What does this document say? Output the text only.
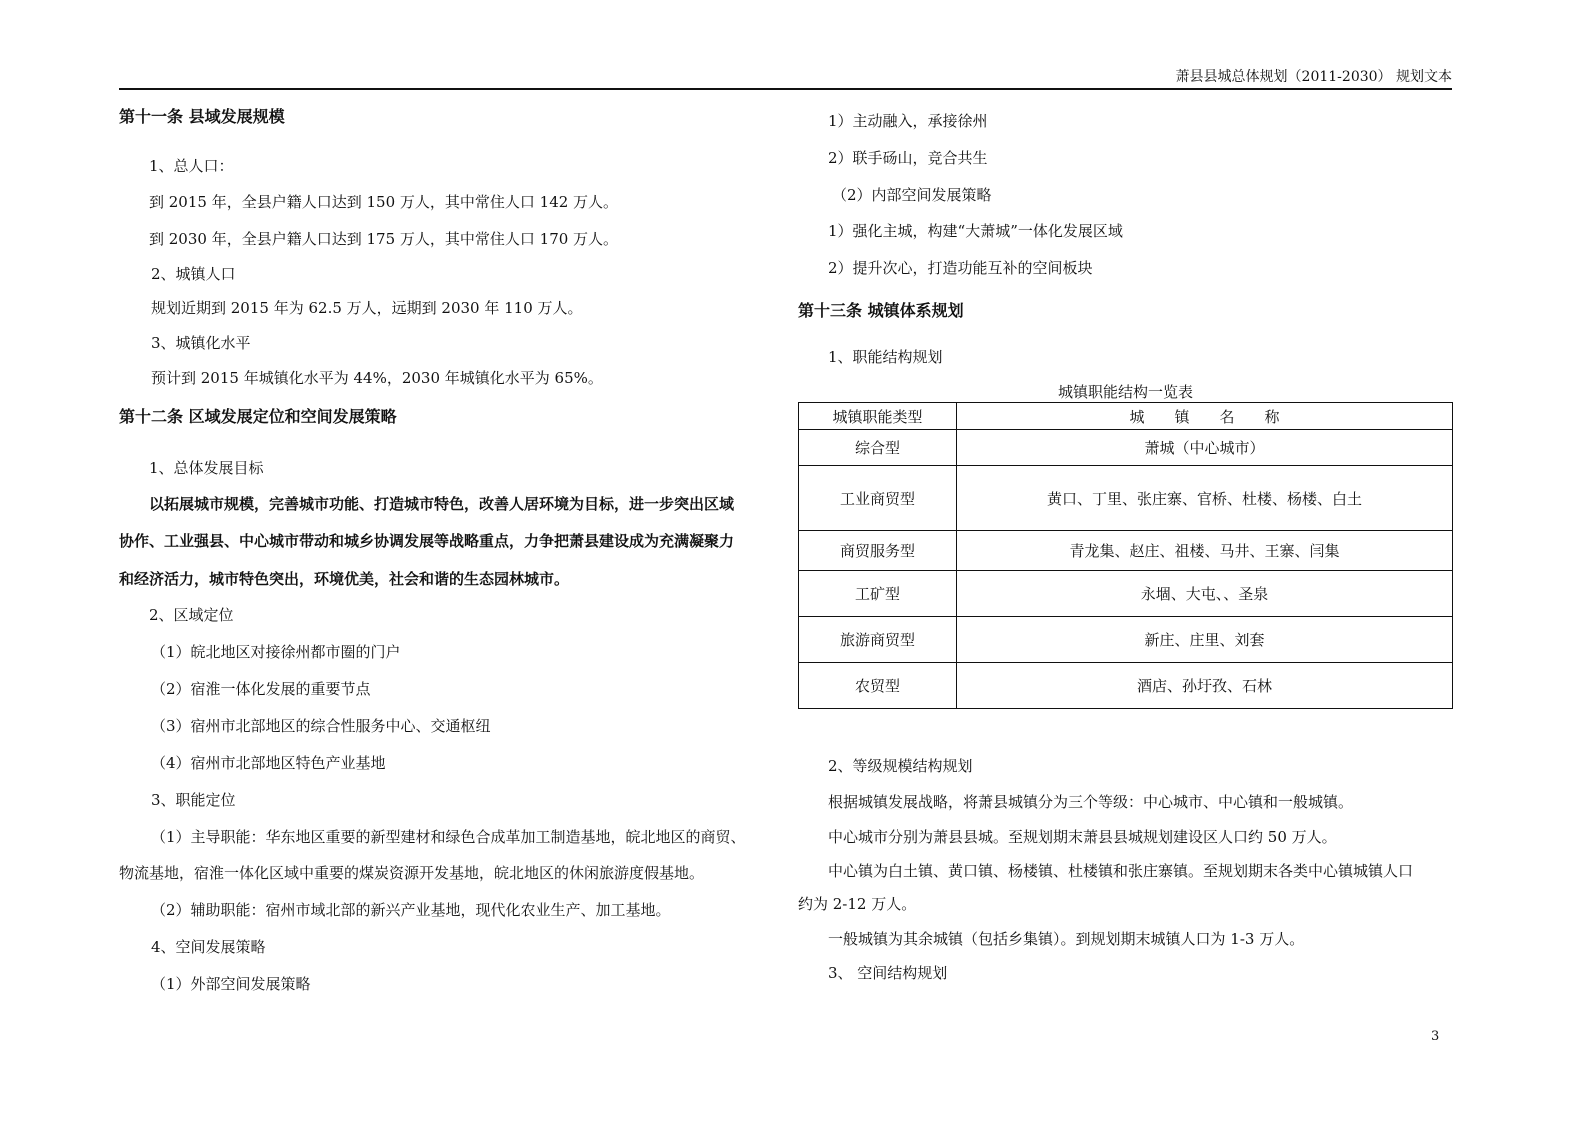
萧县县城总体规划（2011-2030） 规划文本
第十一条 县域发展规模
1、总人口：
到 2015 年，全县户籍人口达到 150 万人，其中常住人口 142 万人。
到 2030 年，全县户籍人口达到 175 万人，其中常住人口 170 万人。
2、城镇人口
规划近期到 2015 年为 62.5 万人，远期到 2030 年 110 万人。
3、城镇化水平
预计到 2015 年城镇化水平为 44%，2030 年城镇化水平为 65%。
第十二条 区域发展定位和空间发展策略
1、总体发展目标
以拓展城市规模，完善城市功能、打造城市特色，改善人居环境为目标，进一步突出区域
协作、工业强县、中心城市带动和城乡协调发展等战略重点，力争把萧县建设成为充满凝聚力
和经济活力，城市特色突出，环境优美，社会和谐的生态园林城市。
2、区域定位
（1）皖北地区对接徐州都市圈的门户
（2）宿淮一体化发展的重要节点
（3）宿州市北部地区的综合性服务中心、交通枢纽
（4）宿州市北部地区特色产业基地
3、职能定位
（1）主导职能：华东地区重要的新型建材和绿色合成革加工制造基地，皖北地区的商贸、
物流基地，宿淮一体化区域中重要的煤炭资源开发基地，皖北地区的休闲旅游度假基地。
（2）辅助职能：宿州市域北部的新兴产业基地，现代化农业生产、加工基地。
4、空间发展策略
（1）外部空间发展策略
1）主动融入，承接徐州
2）联手砀山，竞合共生
（2）内部空间发展策略
1）强化主城，构建“大萧城”一体化发展区域
2）提升次心，打造功能互补的空间板块
第十三条 城镇体系规划
1、职能结构规划
城镇职能结构一览表
城镇职能类型	城　　镇　　名　　称
综合型	萧城（中心城市）
工业商贸型	黄口、丁里、张庄寨、官桥、杜楼、杨楼、白土
商贸服务型	青龙集、赵庄、祖楼、马井、王寨、闫集
工矿型	永堌、大屯、、圣泉
旅游商贸型	新庄、庄里、刘套
农贸型	酒店、孙圩孜、石林
2、等级规模结构规划
根据城镇发展战略，将萧县城镇分为三个等级：中心城市、中心镇和一般城镇。
中心城市分别为萧县县城。至规划期末萧县县城规划建设区人口约 50 万人。
中心镇为白土镇、黄口镇、杨楼镇、杜楼镇和张庄寨镇。至规划期末各类中心镇城镇人口
约为 2-12 万人。
一般城镇为其余城镇（包括乡集镇）。到规划期末城镇人口为 1-3 万人。
3、 空间结构规划
3
